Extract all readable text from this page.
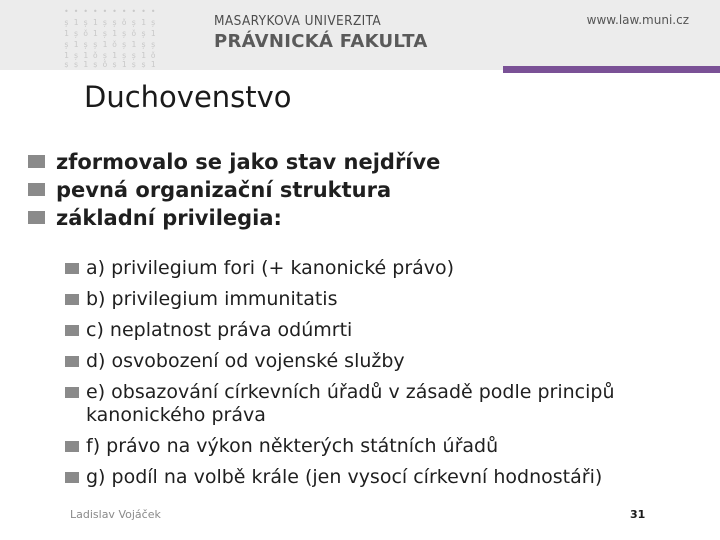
• • • • • • • • • •
ș 1 ș 1 ș ș ǒ ș 1 ș
1 ș ǒ 1 ș 1 ș ǒ ș 1
ș 1 ș ș 1 ǒ ș 1 ș ș
1 ș 1 ǒ ș 1 ș ș 1 ǒ
ș ș 1 ș ǒ ș 1 ș ș 1
MASARYKOVA UNIVERZITA
PRÁVNICKÁ FAKULTA
www.law.muni.cz
Duchovenstvo
zformovalo se jako stav nejdříve
pevná organizační struktura
základní privilegia:
a) privilegium fori (+ kanonické právo)
b) privilegium immunitatis
c) neplatnost práva odúmrti
d) osvobození od vojenské služby
e) obsazování církevních úřadů v zásadě podle principů kanonického práva
f) právo na výkon některých státních úřadů
g) podíl na volbě krále (jen vysocí církevní hodnostáři)
Ladislav Vojáček	31
